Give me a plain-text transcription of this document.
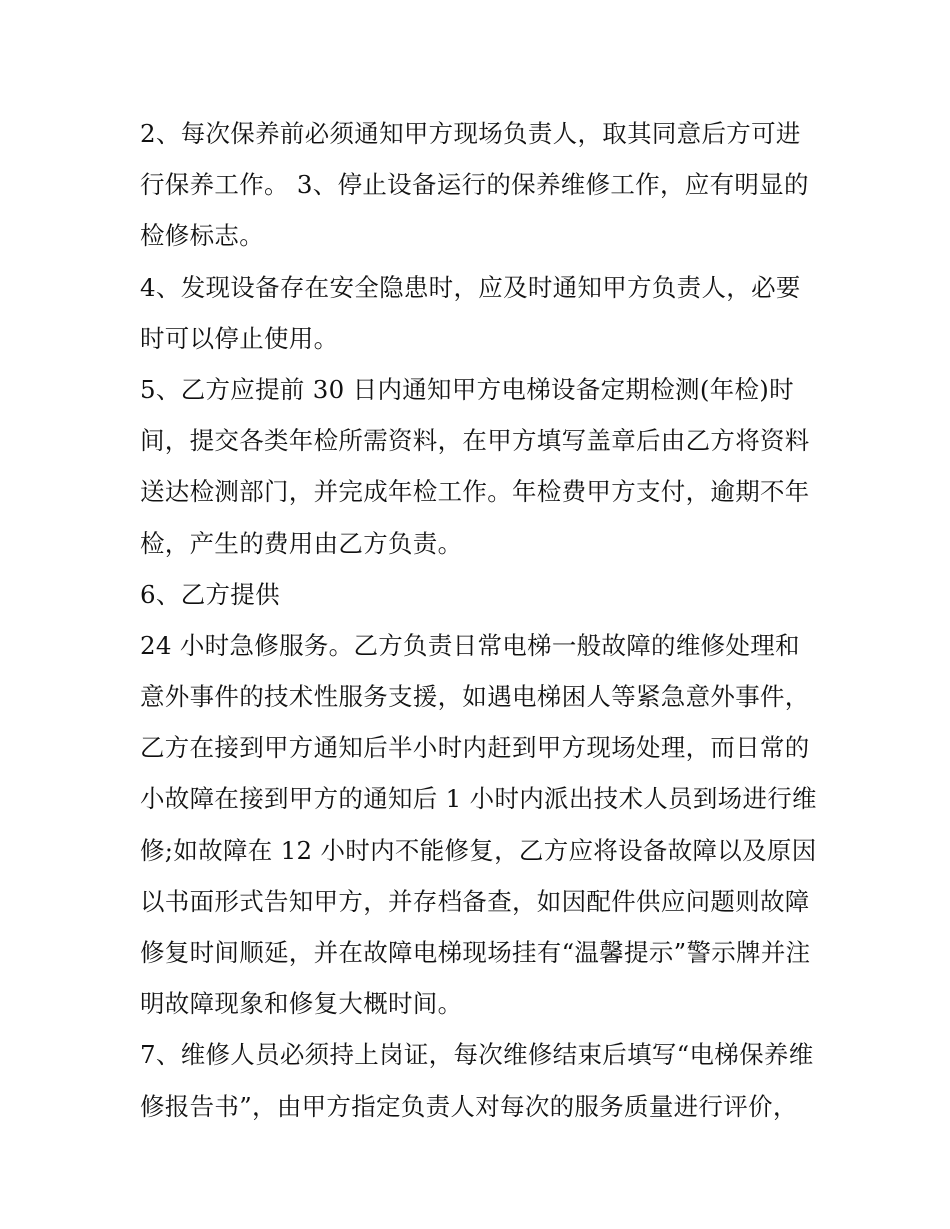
2、每次保养前必须通知甲方现场负责人，取其同意后方可进
行保养工作。 3、停止设备运行的保养维修工作，应有明显的
检修标志。
4、发现设备存在安全隐患时，应及时通知甲方负责人，必要
时可以停止使用。
5、乙方应提前 30 日内通知甲方电梯设备定期检测(年检)时
间，提交各类年检所需资料，在甲方填写盖章后由乙方将资料
送达检测部门，并完成年检工作。年检费甲方支付，逾期不年
检，产生的费用由乙方负责。
6、乙方提供
24 小时急修服务。乙方负责日常电梯一般故障的维修处理和
意外事件的技术性服务支援，如遇电梯困人等紧急意外事件，
乙方在接到甲方通知后半小时内赶到甲方现场处理，而日常的
小故障在接到甲方的通知后 1 小时内派出技术人员到场进行维
修;如故障在 12 小时内不能修复，乙方应将设备故障以及原因
以书面形式告知甲方，并存档备查，如因配件供应问题则故障
修复时间顺延，并在故障电梯现场挂有“温馨提示”警示牌并注
明故障现象和修复大概时间。
7、维修人员必须持上岗证，每次维修结束后填写“电梯保养维
修报告书”，由甲方指定负责人对每次的服务质量进行评价，
